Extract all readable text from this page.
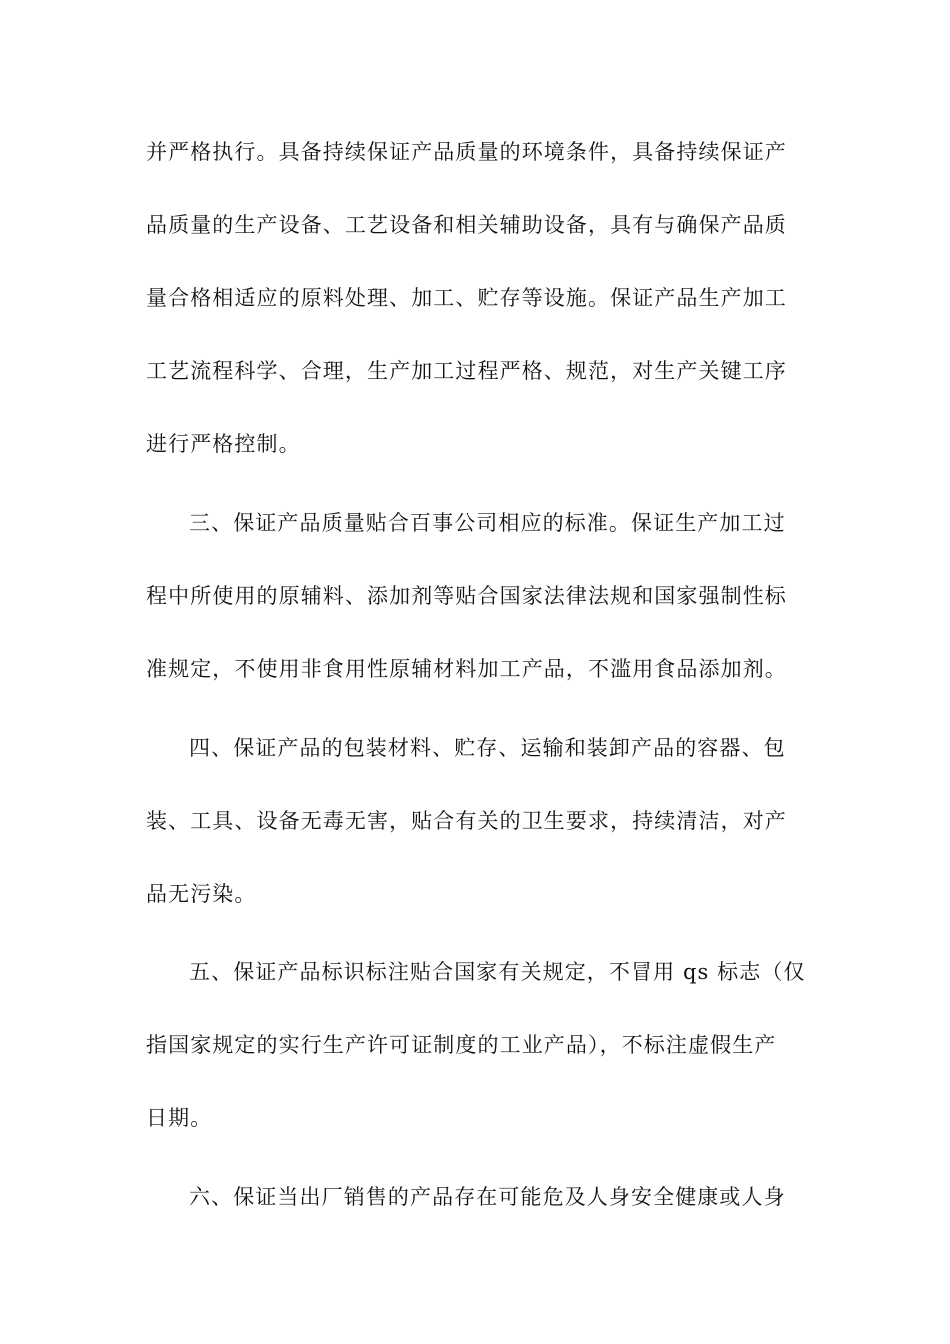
并严格执行。具备持续保证产品质量的环境条件，具备持续保证产
品质量的生产设备、工艺设备和相关辅助设备，具有与确保产品质
量合格相适应的原料处理、加工、贮存等设施。保证产品生产加工
工艺流程科学、合理，生产加工过程严格、规范，对生产关键工序
进行严格控制。
三、保证产品质量贴合百事公司相应的标准。保证生产加工过
程中所使用的原辅料、添加剂等贴合国家法律法规和国家强制性标
准规定，不使用非食用性原辅材料加工产品，不滥用食品添加剂。
四、保证产品的包装材料、贮存、运输和装卸产品的容器、包
装、工具、设备无毒无害，贴合有关的卫生要求，持续清洁，对产
品无污染。
五、保证产品标识标注贴合国家有关规定，不冒用 qs 标志（仅
指国家规定的实行生产许可证制度的工业产品），不标注虚假生产
日期。
六、保证当出厂销售的产品存在可能危及人身安全健康或人身
